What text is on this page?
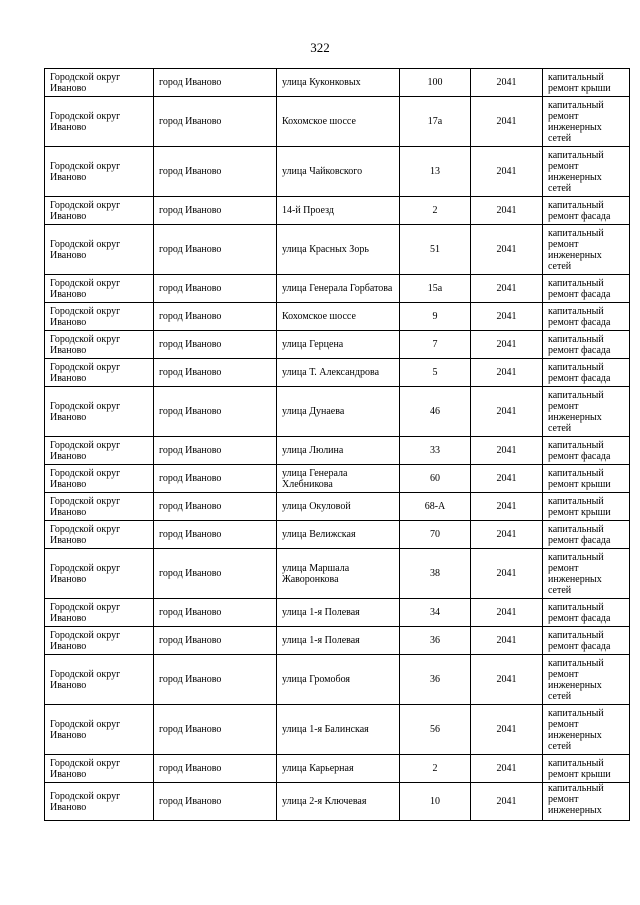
322
Городской округ Иваново	город Иваново	улица Куконковых	100	2041	капитальный ремонт крыши
Городской округ Иваново	город Иваново	Кохомское шоссе	17а	2041	капитальный ремонт инженерных сетей
Городской округ Иваново	город Иваново	улица Чайковского	13	2041	капитальный ремонт инженерных сетей
Городской округ Иваново	город Иваново	14-й Проезд	2	2041	капитальный ремонт фасада
Городской округ Иваново	город Иваново	улица Красных Зорь	51	2041	капитальный ремонт инженерных сетей
Городской округ Иваново	город Иваново	улица Генерала Горбатова	15а	2041	капитальный ремонт фасада
Городской округ Иваново	город Иваново	Кохомское шоссе	9	2041	капитальный ремонт фасада
Городской округ Иваново	город Иваново	улица Герцена	7	2041	капитальный ремонт фасада
Городской округ Иваново	город Иваново	улица Т. Александрова	5	2041	капитальный ремонт фасада
Городской округ Иваново	город Иваново	улица Дунаева	46	2041	капитальный ремонт инженерных сетей
Городской округ Иваново	город Иваново	улица Люлина	33	2041	капитальный ремонт фасада
Городской округ Иваново	город Иваново	улица Генерала Хлебникова	60	2041	капитальный ремонт крыши
Городской округ Иваново	город Иваново	улица Окуловой	68-А	2041	капитальный ремонт крыши
Городской округ Иваново	город Иваново	улица Велижская	70	2041	капитальный ремонт фасада
Городской округ Иваново	город Иваново	улица Маршала Жаворонкова	38	2041	капитальный ремонт инженерных сетей
Городской округ Иваново	город Иваново	улица 1-я Полевая	34	2041	капитальный ремонт фасада
Городской округ Иваново	город Иваново	улица 1-я Полевая	36	2041	капитальный ремонт фасада
Городской округ Иваново	город Иваново	улица Громобоя	36	2041	капитальный ремонт инженерных сетей
Городской округ Иваново	город Иваново	улица 1-я Балинская	56	2041	капитальный ремонт инженерных сетей
Городской округ Иваново	город Иваново	улица Карьерная	2	2041	капитальный ремонт крыши
Городской округ Иваново	город Иваново	улица 2-я Ключевая	10	2041	капитальный ремонт инженерных
